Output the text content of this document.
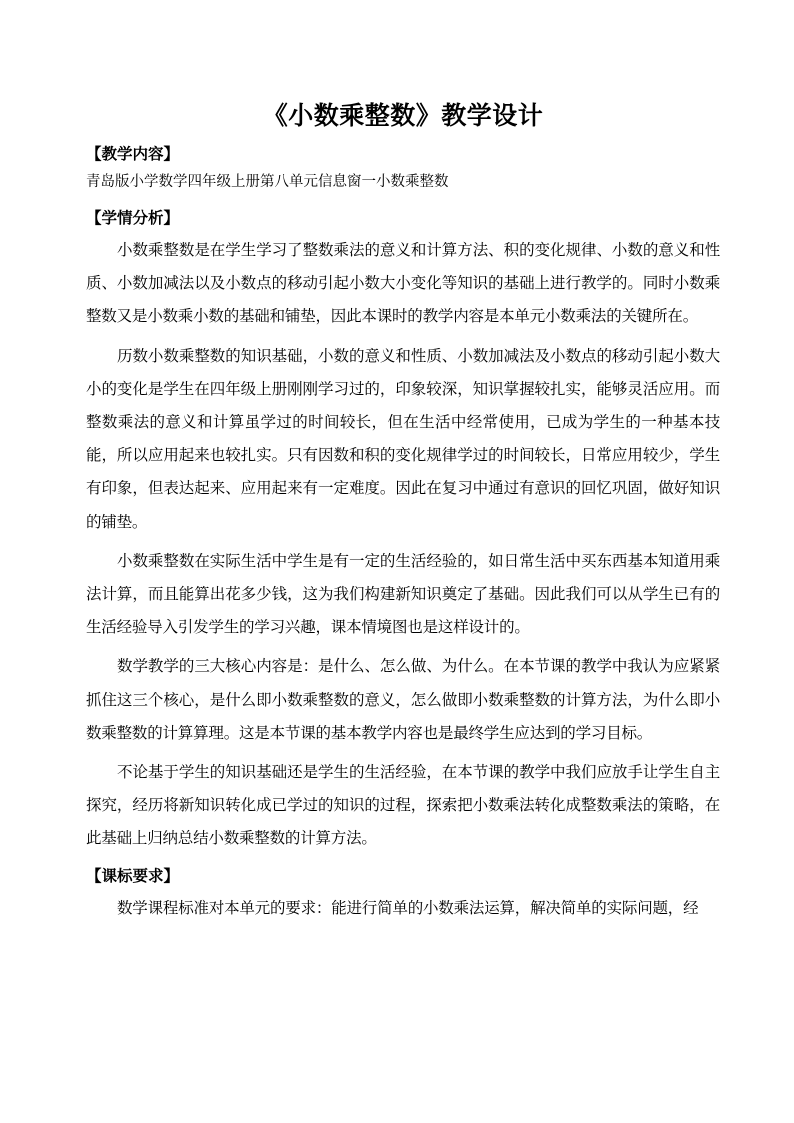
《小数乘整数》教学设计

【教学内容】

青岛版小学数学四年级上册第八单元信息窗一小数乘整数

【学情分析】

小数乘整数是在学生学习了整数乘法的意义和计算方法、积的变化规律、小数的意义和性质、小数加减法以及小数点的移动引起小数大小变化等知识的基础上进行教学的。同时小数乘整数又是小数乘小数的基础和铺垫，因此本课时的教学内容是本单元小数乘法的关键所在。

历数小数乘整数的知识基础，小数的意义和性质、小数加减法及小数点的移动引起小数大小的变化是学生在四年级上册刚刚学习过的，印象较深，知识掌握较扎实，能够灵活应用。而整数乘法的意义和计算虽学过的时间较长，但在生活中经常使用，已成为学生的一种基本技能，所以应用起来也较扎实。只有因数和积的变化规律学过的时间较长，日常应用较少，学生有印象，但表达起来、应用起来有一定难度。因此在复习中通过有意识的回忆巩固，做好知识的铺垫。

小数乘整数在实际生活中学生是有一定的生活经验的，如日常生活中买东西基本知道用乘法计算，而且能算出花多少钱，这为我们构建新知识奠定了基础。因此我们可以从学生已有的生活经验导入引发学生的学习兴趣，课本情境图也是这样设计的。

数学教学的三大核心内容是：是什么、怎么做、为什么。在本节课的教学中我认为应紧紧抓住这三个核心，是什么即小数乘整数的意义，怎么做即小数乘整数的计算方法，为什么即小数乘整数的计算算理。这是本节课的基本教学内容也是最终学生应达到的学习目标。

不论基于学生的知识基础还是学生的生活经验，在本节课的教学中我们应放手让学生自主探究，经历将新知识转化成已学过的知识的过程，探索把小数乘法转化成整数乘法的策略，在此基础上归纳总结小数乘整数的计算方法。

【课标要求】

数学课程标准对本单元的要求：能进行简单的小数乘法运算，解决简单的实际问题，经
